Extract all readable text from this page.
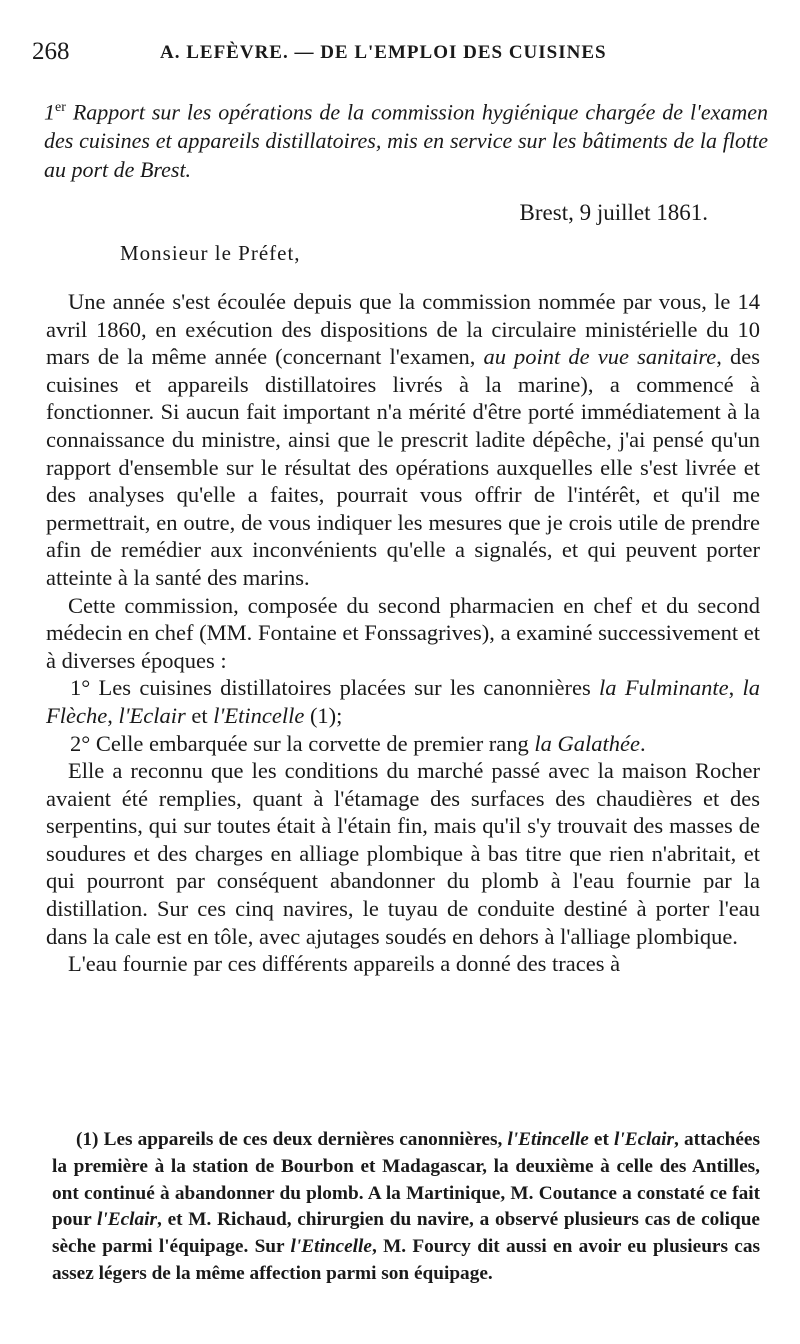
268	A. LEFÈVRE. — DE L'EMPLOI DES CUISINES
1er Rapport sur les opérations de la commission hygiénique chargée de l'examen des cuisines et appareils distillatoires, mis en service sur les bâtiments de la flotte au port de Brest.
Brest, 9 juillet 1861.
Monsieur le Préfet,

Une année s'est écoulée depuis que la commission nommée par vous, le 14 avril 1860, en exécution des dispositions de la circulaire ministérielle du 10 mars de la même année (concernant l'examen, au point de vue sanitaire, des cuisines et appareils distillatoires livrés à la marine), a commencé à fonctionner. Si aucun fait important n'a mérité d'être porté immédiatement à la connaissance du ministre, ainsi que le prescrit ladite dépêche, j'ai pensé qu'un rapport d'ensemble sur le résultat des opérations auxquelles elle s'est livrée et des analyses qu'elle a faites, pourrait vous offrir de l'intérêt, et qu'il me permettrait, en outre, de vous indiquer les mesures que je crois utile de prendre afin de remédier aux inconvénients qu'elle a signalés, et qui peuvent porter atteinte à la santé des marins.

Cette commission, composée du second pharmacien en chef et du second médecin en chef (MM. Fontaine et Fonssagrives), a examiné successivement et à diverses époques :

1° Les cuisines distillatoires placées sur les canonnières la Fulminante, la Flèche, l'Eclair et l'Etincelle (1);

2° Celle embarquée sur la corvette de premier rang la Galathée.

Elle a reconnu que les conditions du marché passé avec la maison Rocher avaient été remplies, quant à l'étamage des surfaces des chaudières et des serpentins, qui sur toutes était à l'étain fin, mais qu'il s'y trouvait des masses de soudures et des charges en alliage plombique à bas titre que rien n'abritait, et qui pourront par conséquent abandonner du plomb à l'eau fournie par la distillation. Sur ces cinq navires, le tuyau de conduite destiné à porter l'eau dans la cale est en tôle, avec ajutages soudés en dehors à l'alliage plombique.

L'eau fournie par ces différents appareils a donné des traces à

(1) Les appareils de ces deux dernières canonnières, l'Etincelle et l'Eclair, attachées la première à la station de Bourbon et Madagascar, la deuxième à celle des Antilles, ont continué à abandonner du plomb. A la Martinique, M. Coutance a constaté ce fait pour l'Eclair, et M. Richaud, chirurgien du navire, a observé plusieurs cas de colique sèche parmi l'équipage. Sur l'Etincelle, M. Fourcy dit aussi en avoir eu plusieurs cas assez légers de la même affection parmi son équipage.
